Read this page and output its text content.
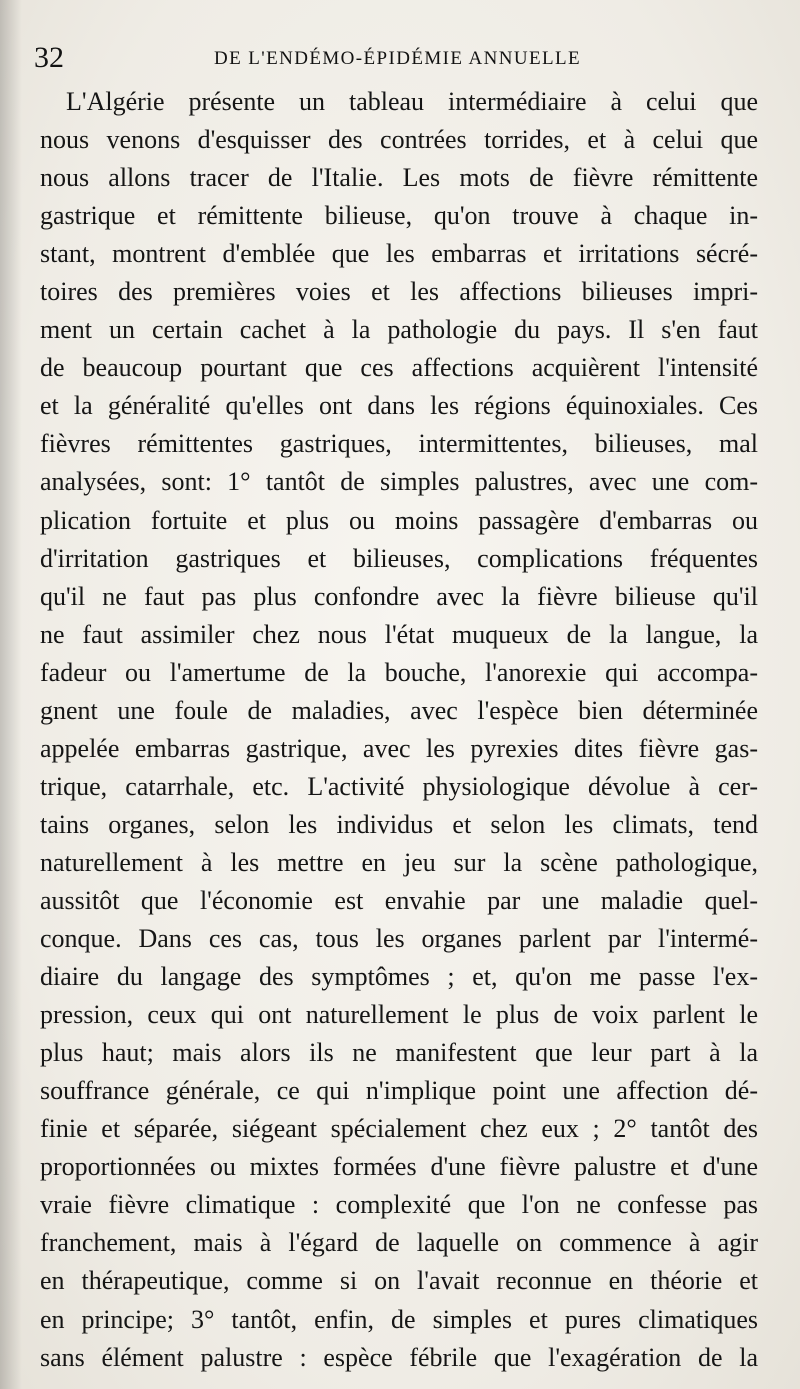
32	DE L'ENDÉMO-ÉPIDÉMIE ANNUELLE
L'Algérie présente un tableau intermédiaire à celui que
nous venons d'esquisser des contrées torrides, et à celui que
nous allons tracer de l'Italie. Les mots de fièvre rémittente
gastrique et rémittente bilieuse, qu'on trouve à chaque in-
stant, montrent d'emblée que les embarras et irritations sécré-
toires des premières voies et les affections bilieuses impri-
ment un certain cachet à la pathologie du pays. Il s'en faut
de beaucoup pourtant que ces affections acquièrent l'intensité
et la généralité qu'elles ont dans les régions équinoxiales. Ces
fièvres rémittentes gastriques, intermittentes, bilieuses, mal
analysées, sont: 1° tantôt de simples palustres, avec une com-
plication fortuite et plus ou moins passagère d'embarras ou
d'irritation gastriques et bilieuses, complications fréquentes
qu'il ne faut pas plus confondre avec la fièvre bilieuse qu'il
ne faut assimiler chez nous l'état muqueux de la langue, la
fadeur ou l'amertume de la bouche, l'anorexie qui accompa-
gnent une foule de maladies, avec l'espèce bien déterminée
appelée embarras gastrique, avec les pyrexies dites fièvre gas-
trique, catarrhale, etc. L'activité physiologique dévolue à cer-
tains organes, selon les individus et selon les climats, tend
naturellement à les mettre en jeu sur la scène pathologique,
aussitôt que l'économie est envahie par une maladie quel-
conque. Dans ces cas, tous les organes parlent par l'intermé-
diaire du langage des symptômes ; et, qu'on me passe l'ex-
pression, ceux qui ont naturellement le plus de voix parlent le
plus haut; mais alors ils ne manifestent que leur part à la
souffrance générale, ce qui n'implique point une affection dé-
finie et séparée, siégeant spécialement chez eux ; 2° tantôt des
proportionnées ou mixtes formées d'une fièvre palustre et d'une
vraie fièvre climatique : complexité que l'on ne confesse pas
franchement, mais à l'égard de laquelle on commence à agir
en thérapeutique, comme si on l'avait reconnue en théorie et
en principe; 3° tantôt, enfin, de simples et pures climatiques
sans élément palustre : espèce fébrile que l'exagération de la
